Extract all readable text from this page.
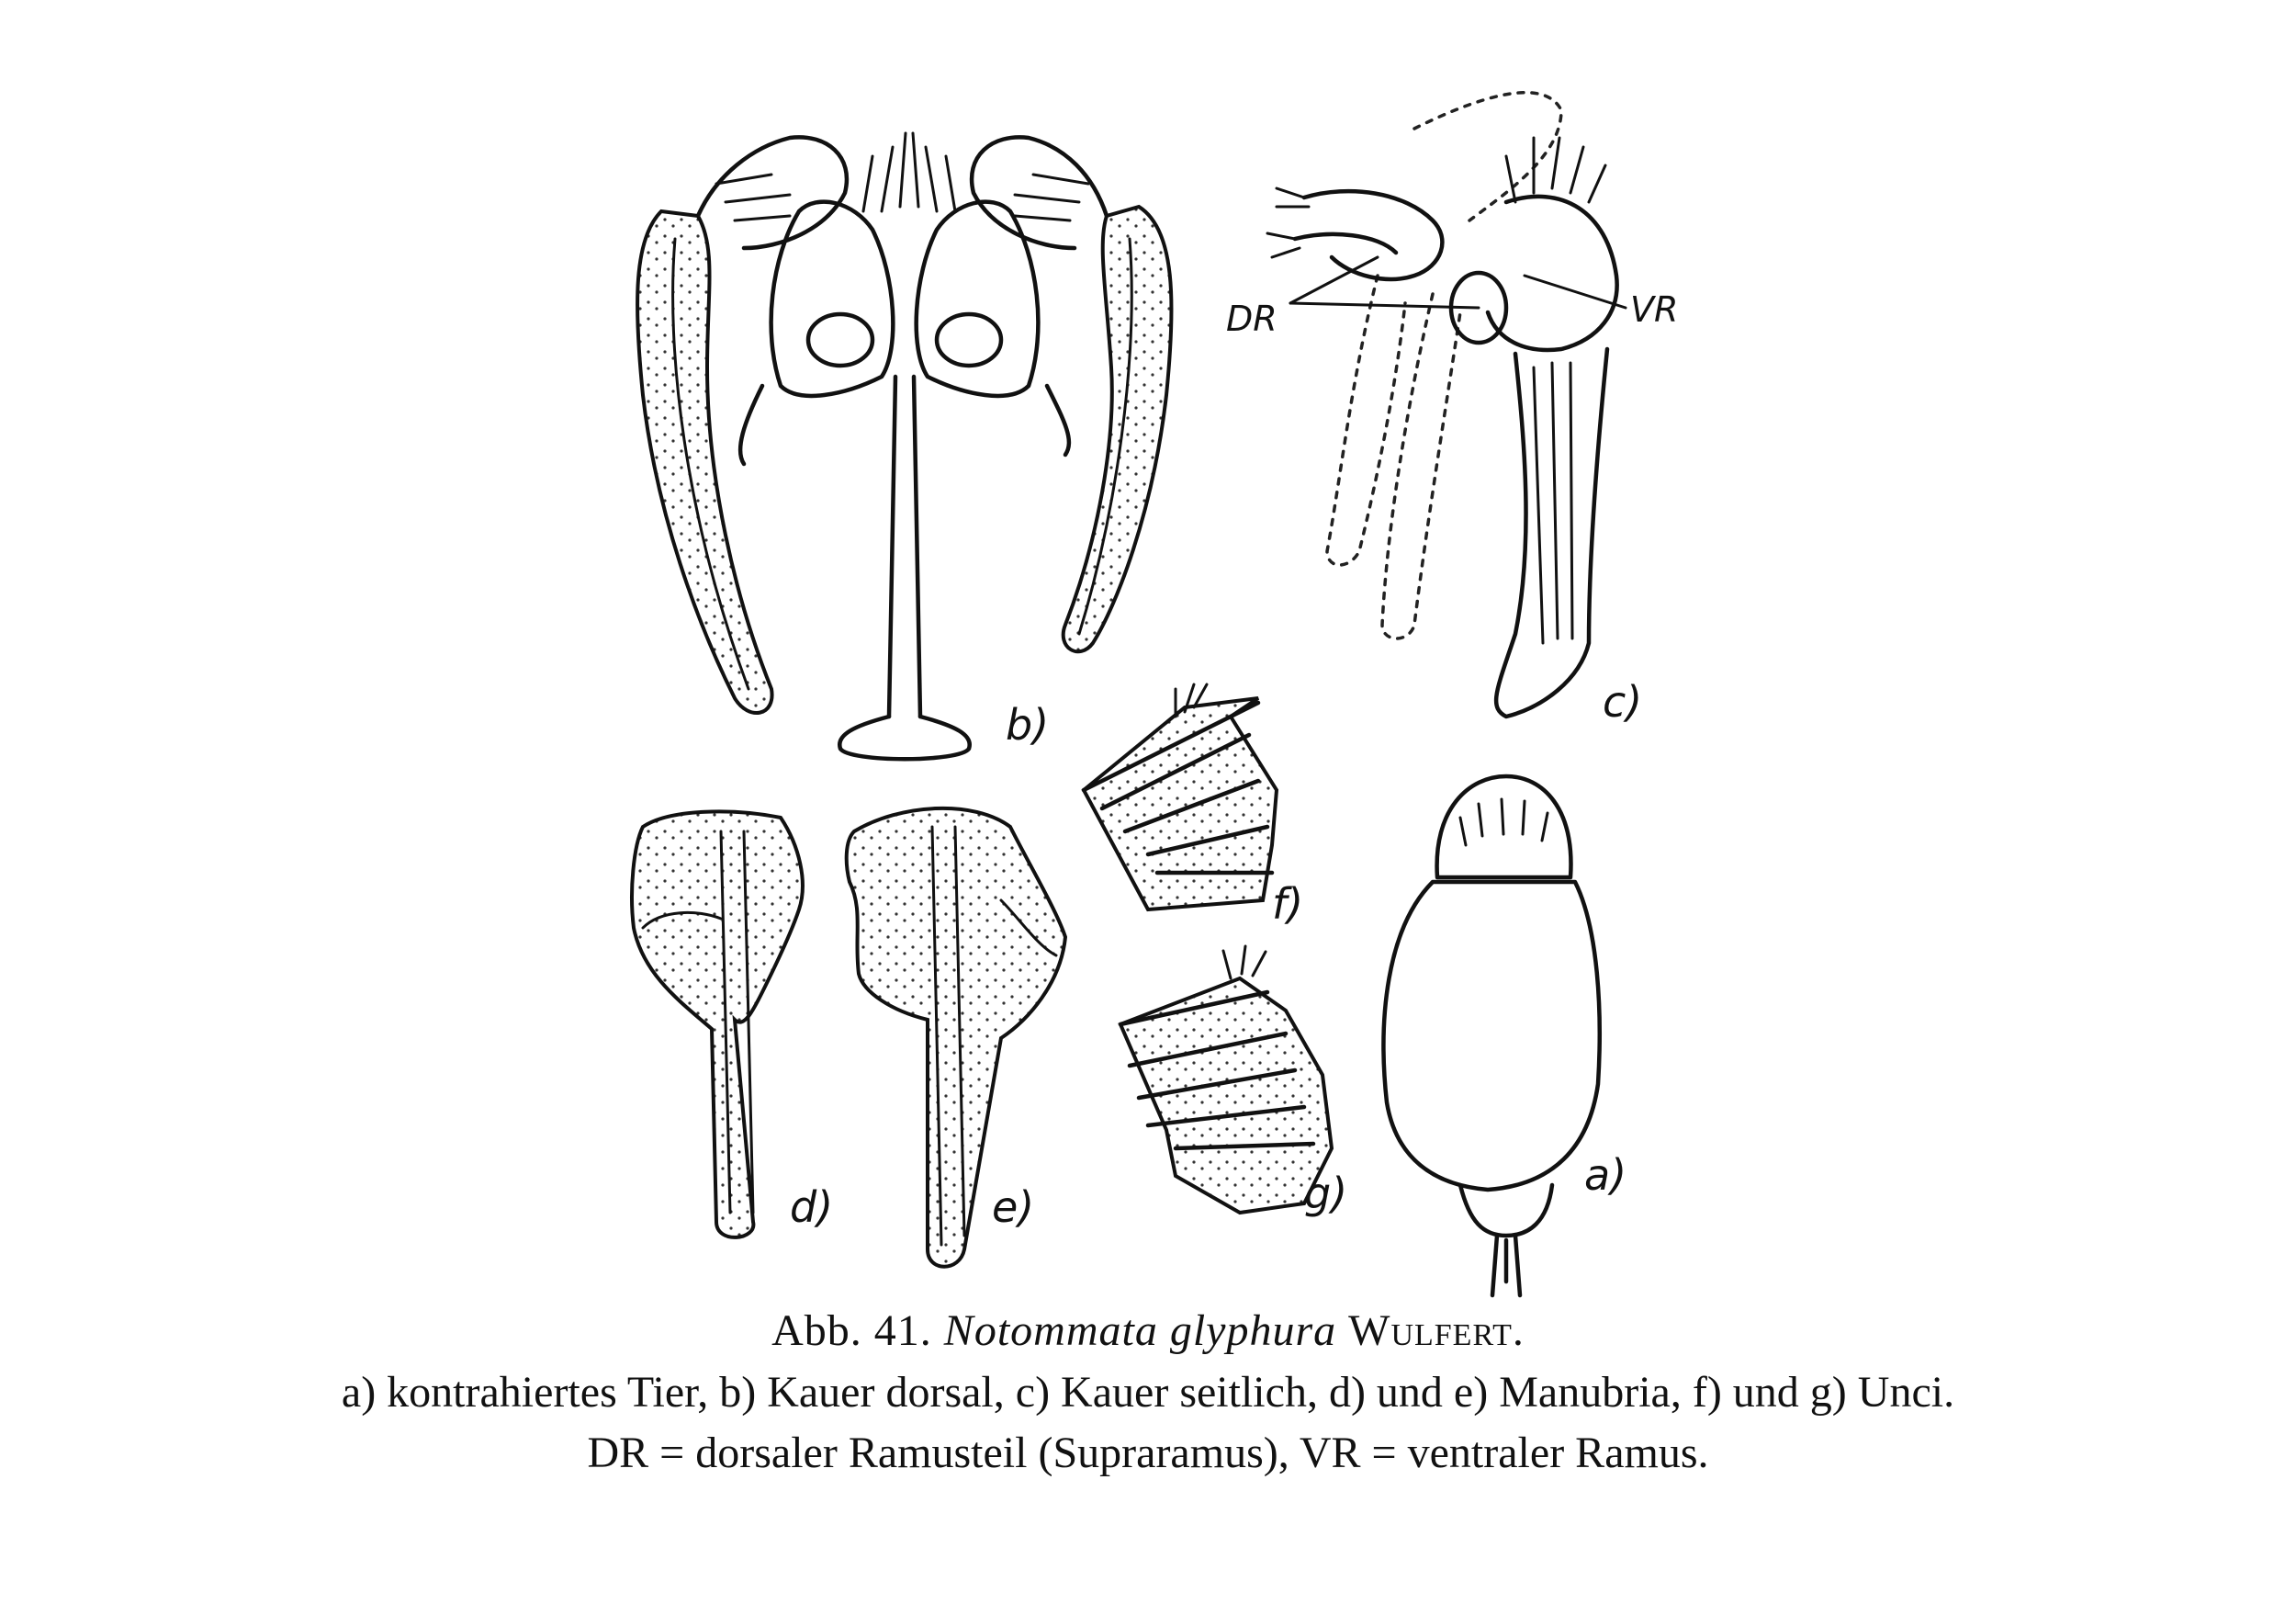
b)	c)
DR	VR
d)	e)
f)
g)	a)
Abb. 41. Notommata glyphura Wulfert.
a) kontrahiertes Tier, b) Kauer dorsal, c) Kauer seitlich, d) und e) Manubria, f) und g) Unci.
DR = dorsaler Ramusteil (Supraramus), VR = ventraler Ramus.
